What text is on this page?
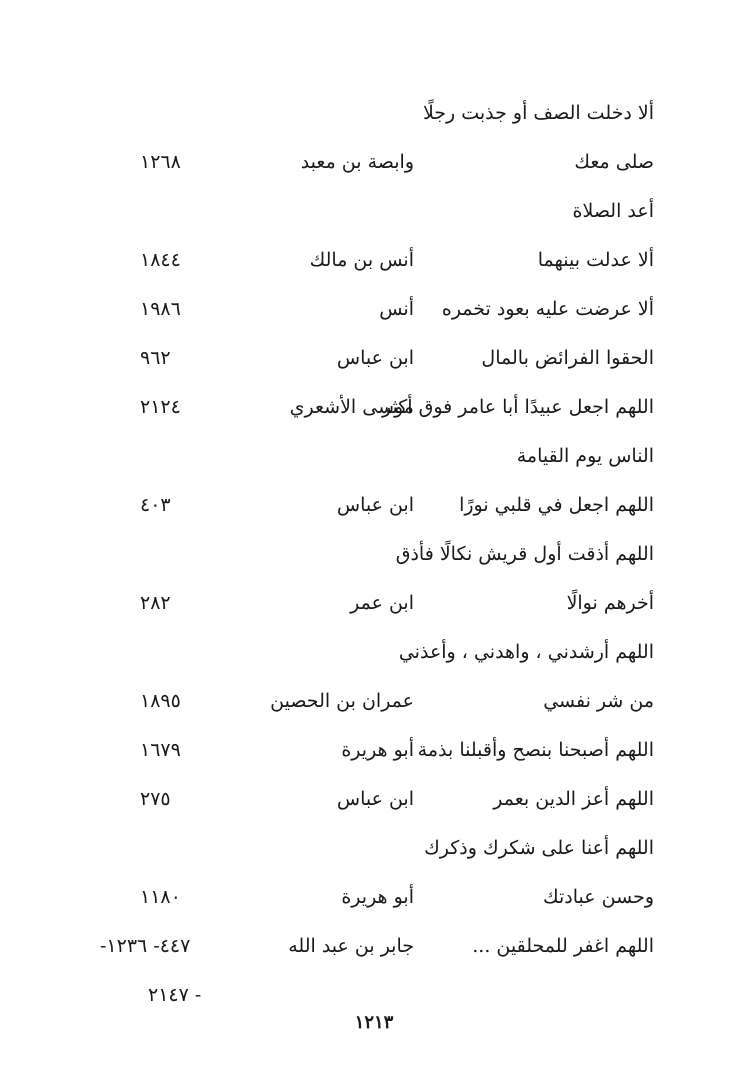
ألا دخلت الصف أو جذبت رجلًا
صلى معك
وابصة بن معبد
١٢٦٨
أعد الصلاة
ألا عدلت بينهما
أنس بن مالك
١٨٤٤
ألا عرضت عليه بعود تخمره
أنس
١٩٨٦
الحقوا الفرائض بالمال
ابن عباس
٩٦٢
اللهم اجعل عبيدًا أبا عامر فوق أكثر
موسى الأشعري
٢١٢٤
الناس يوم القيامة
اللهم اجعل في قلبي نورًا
ابن عباس
٤٠٣
اللهم أذقت أول قريش نكالًا فأذق
أخرهم نوالًا
ابن عمر
٢٨٢
اللهم أرشدني ، واهدني ، وأعذني
من شر نفسي
عمران بن الحصين
١٨٩٥
اللهم أصبحنا بنصح وأقبلنا بذمة
أبو هريرة
١٦٧٩
اللهم أعز الدين بعمر
ابن عباس
٢٧٥
اللهم أعنا على شكرك وذكرك
وحسن عبادتك
أبو هريرة
١١٨٠
اللهم اغفر للمحلقين ...
جابر بن عبد الله
٤٤٧- ١٢٣٦-
- ٢١٤٧
١٢١٣
